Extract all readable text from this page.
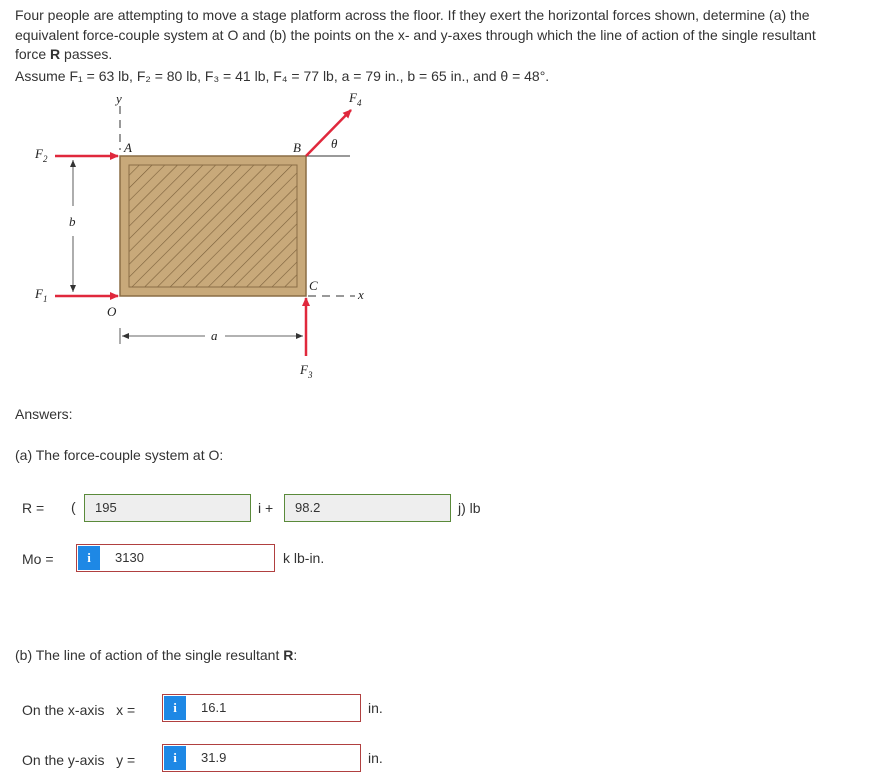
Four people are attempting to move a stage platform across the floor. If they exert the horizontal forces shown, determine (a) the
equivalent force-couple system at O and (b) the points on the x- and y-axes through which the line of action of the single resultant
force R passes.
Assume F₁ = 63 lb, F₂ = 80 lb, F₃ = 41 lb, F₄ = 77 lb, a = 79 in., b = 65 in., and θ = 48°.
y
A	B
C
O
x
θ
F 2
F 1
F 3
F 4
b
a
Answers:
(a) The force-couple system at O:
R = (	195	i +	98.2	j) lb
Mo =	i	3130	k lb-in.
(b) The line of action of the single resultant R:
On the x-axis   x =	i	16.1	in.
On the y-axis   y =	i	31.9	in.
